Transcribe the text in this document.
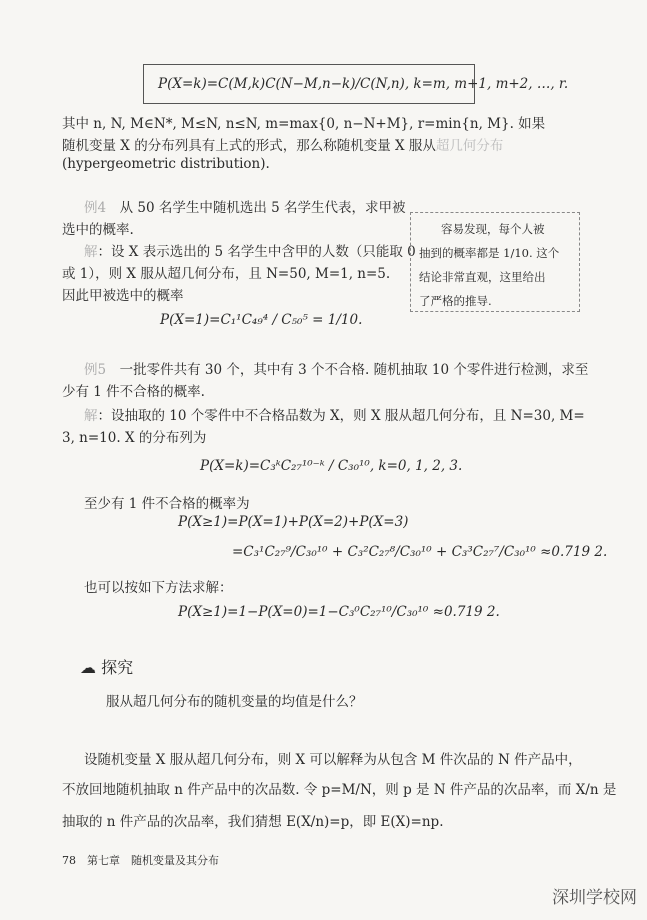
P(X=k)=C(M,k)C(N−M,n−k)/C(N,n), k=m, m+1, m+2, …, r.
其中 n, N, M∈N*, M≤N, n≤N, m=max{0, n−N+M}, r=min{n, M}. 如果
随机变量 X 的分布列具有上式的形式，那么称随机变量 X 服从超几何分布
(hypergeometric distribution).
例4　 从 50 名学生中随机选出 5 名学生代表，求甲被
选中的概率.
解：设 X 表示选出的 5 名学生中含甲的人数（只能取 0
或 1），则 X 服从超几何分布，且 N=50, M=1, n=5.
因此甲被选中的概率
P(X=1)=C₁¹C₄₉⁴ / C₅₀⁵ = 1/10.
容易发现，每个人被
抽到的概率都是 1/10. 这个
结论非常直观，这里给出
了严格的推导.
例5　 一批零件共有 30 个，其中有 3 个不合格. 随机抽取 10 个零件进行检测，求至
少有 1 件不合格的概率.
解：设抽取的 10 个零件中不合格品数为 X，则 X 服从超几何分布，且 N=30, M=
3, n=10. X 的分布列为
P(X=k)=C₃ᵏC₂₇¹⁰⁻ᵏ / C₃₀¹⁰, k=0, 1, 2, 3.
至少有 1 件不合格的概率为
P(X≥1)=P(X=1)+P(X=2)+P(X=3)
=C₃¹C₂₇⁹/C₃₀¹⁰ + C₃²C₂₇⁸/C₃₀¹⁰ + C₃³C₂₇⁷/C₃₀¹⁰ ≈0.719 2.
也可以按如下方法求解：
P(X≥1)=1−P(X=0)=1−C₃⁰C₂₇¹⁰/C₃₀¹⁰ ≈0.719 2.
☁ 探究
服从超几何分布的随机变量的均值是什么？
设随机变量 X 服从超几何分布，则 X 可以解释为从包含 M 件次品的 N 件产品中，
不放回地随机抽取 n 件产品中的次品数. 令 p=M/N，则 p 是 N 件产品的次品率，而 X/n 是
抽取的 n 件产品的次品率，我们猜想 E(X/n)=p，即 E(X)=np.
78　 第七章　随机变量及其分布
深圳学校网
